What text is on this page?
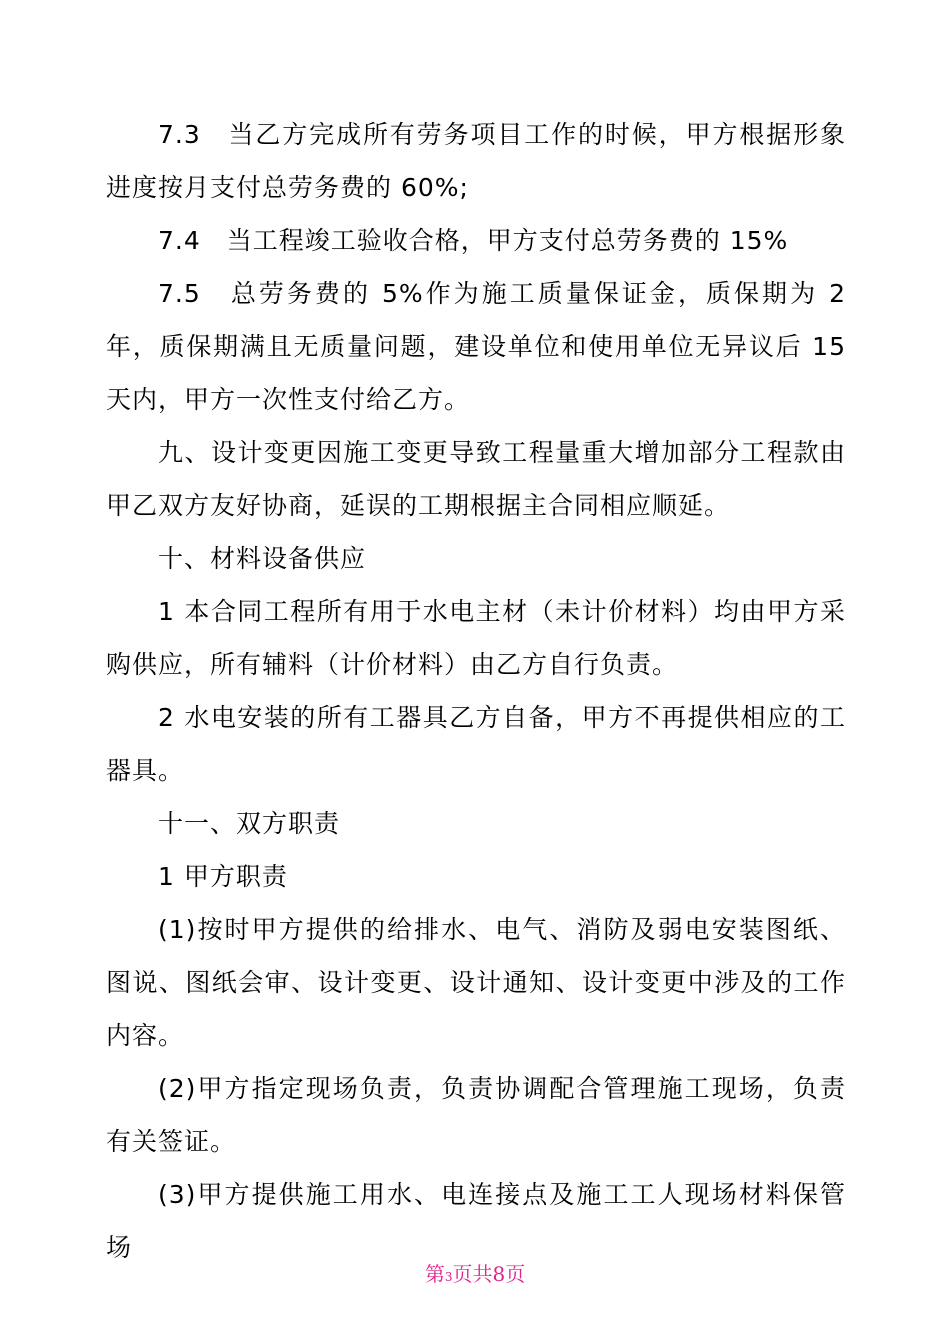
7.3　当乙方完成所有劳务项目工作的时候，甲方根据形象进度按月支付总劳务费的 60%;

7.4　当工程竣工验收合格，甲方支付总劳务费的 15%

7.5　总劳务费的 5%作为施工质量保证金，质保期为 2 年，质保期满且无质量问题，建设单位和使用单位无异议后 15 天内，甲方一次性支付给乙方。

九、设计变更因施工变更导致工程量重大增加部分工程款由甲乙双方友好协商，延误的工期根据主合同相应顺延。

十、材料设备供应

1 本合同工程所有用于水电主材（未计价材料）均由甲方采购供应，所有辅料（计价材料）由乙方自行负责。

2 水电安装的所有工器具乙方自备，甲方不再提供相应的工器具。

十一、双方职责

1 甲方职责

(1)按时甲方提供的给排水、电气、消防及弱电安装图纸、图说、图纸会审、设计变更、设计通知、设计变更中涉及的工作内容。

(2)甲方指定现场负责，负责协调配合管理施工现场，负责有关签证。

(3)甲方提供施工用水、电连接点及施工工人现场材料保管场

第3页共8页
